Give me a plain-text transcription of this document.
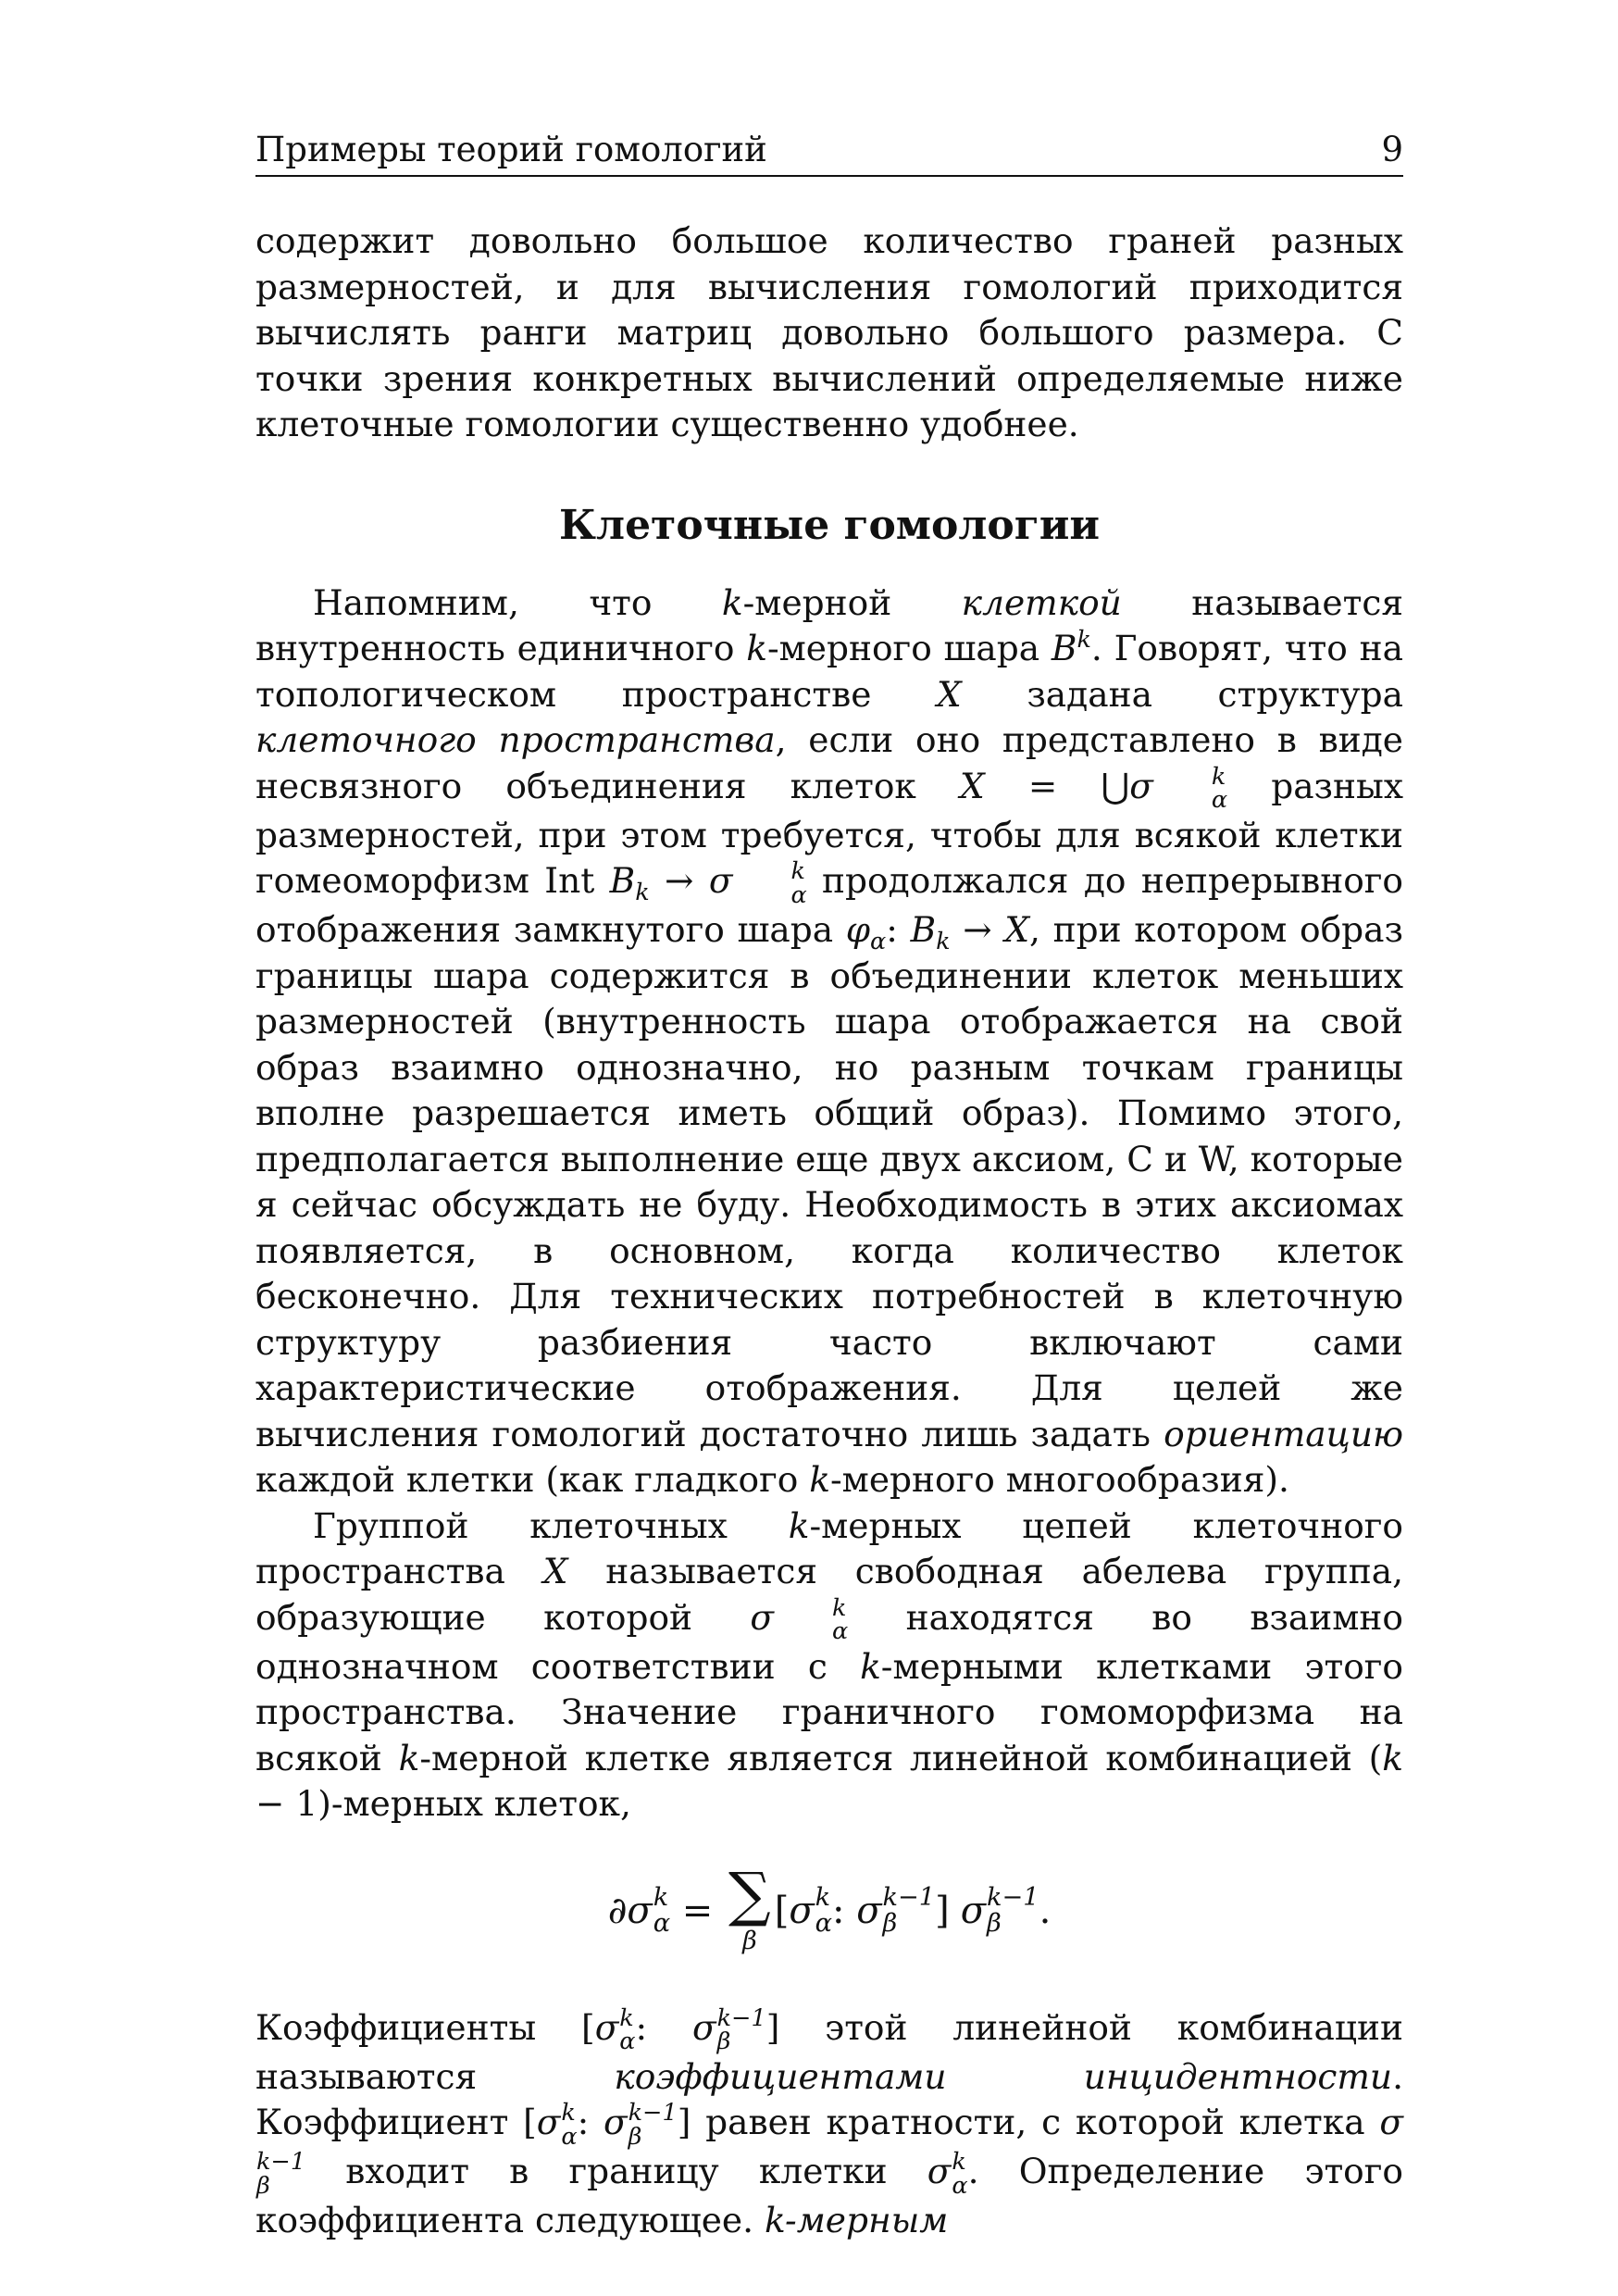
Примеры теорий гомологий	9

содержит довольно большое количество граней разных размерностей, и для вычисления гомологий приходится вычислять ранги матриц довольно большого размера. С точки зрения конкретных вычислений определяемые ниже клеточные гомологии существенно удобнее.

Клеточные гомологии

Напомним, что k-мерной клеткой называется внутренность единичного k-мерного шара $B^k$. Говорят, что на топологическом пространстве X задана структура клеточного пространства, если оно представлено в виде несвязного объединения клеток X = ⋃σ	k
α разных размерностей, при этом требуется, чтобы для всякой клетки гомеоморфизм Int $B_k \to \sigma$	k
α продолжался до непрерывного отображения замкнутого шара $\varphi_\alpha$: $B_k \to X$, при котором образ границы шара содержится в объединении клеток меньших размерностей (внутренность шара отображается на свой образ взаимно однозначно, но разным точкам границы вполне разрешается иметь общий образ). Помимо этого, предполагается выполнение еще двух аксиом, C и W, которые я сейчас обсуждать не буду. Необходимость в этих аксиомах появляется, в основном, когда количество клеток бесконечно. Для технических потребностей в клеточную структуру разбиения часто включают сами характеристические отображения. Для целей же вычисления гомологий достаточно лишь задать ориентацию каждой клетки (как гладкого k-мерного многообразия).

Группой клеточных k-мерных цепей клеточного пространства X называется свободная абелева группа, образующие которой σ	k
α находятся во взаимно однозначном соответствии с k-мерными клетками этого пространства. Значение граничного гомоморфизма на всякой k-мерной клетке является линейной комбинацией (k − 1)-мерных клеток,

∂ σ k
α = ∑
β
[ σ k
α : σ k−1
β	] σ k−1
β	.

Коэффициенты [σ k
α : σ k−1
β	] этой линейной комбинации называются коэффициентами инцидентности. Коэффициент [σ k
α : σ k−1
β	] равен кратности, с которой клетка σ
k−1
β	входит в границу клетки σ k
α . Определение этого коэффициента следующее. k-мерным
